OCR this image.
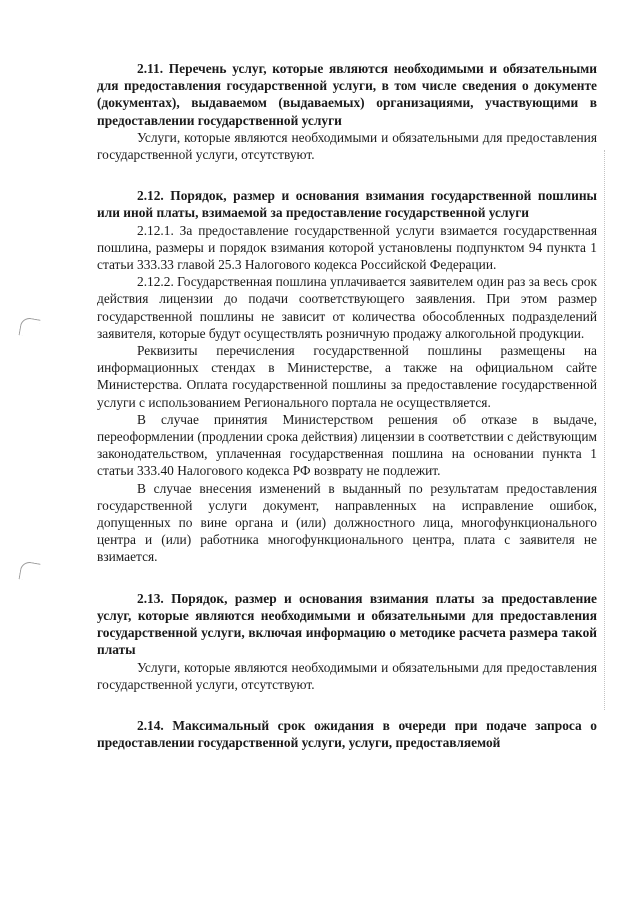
2.11. Перечень услуг, которые являются необходимыми и обязательными для предоставления государственной услуги, в том числе сведения о документе (документах), выдаваемом (выдаваемых) организациями, участвующими в предоставлении государственной услуги

Услуги, которые являются необходимыми и обязательными для предоставления государственной услуги, отсутствуют.

2.12. Порядок, размер и основания взимания государственной пошлины или иной платы, взимаемой за предоставление государственной услуги

2.12.1. За предоставление государственной услуги взимается государственная пошлина, размеры и порядок взимания которой установлены подпунктом 94 пункта 1 статьи 333.33 главой 25.3 Налогового кодекса Российской Федерации.

2.12.2. Государственная пошлина уплачивается заявителем один раз за весь срок действия лицензии до подачи соответствующего заявления. При этом размер государственной пошлины не зависит от количества обособленных подразделений заявителя, которые будут осуществлять розничную продажу алкогольной продукции.

Реквизиты перечисления государственной пошлины размещены на информационных стендах в Министерстве, а также на официальном сайте Министерства. Оплата государственной пошлины за предоставление государственной услуги с использованием Регионального портала не осуществляется.

В случае принятия Министерством решения об отказе в выдаче, переоформлении (продлении срока действия) лицензии в соответствии с действующим законодательством, уплаченная государственная пошлина на основании пункта 1 статьи 333.40 Налогового кодекса РФ возврату не подлежит.

В случае внесения изменений в выданный по результатам предоставления государственной услуги документ, направленных на исправление ошибок, допущенных по вине органа и (или) должностного лица, многофункционального центра и (или) работника многофункционального центра, плата с заявителя не взимается.

2.13. Порядок, размер и основания взимания платы за предоставление услуг, которые являются необходимыми и обязательными для предоставления государственной услуги, включая информацию о методике расчета размера такой платы

Услуги, которые являются необходимыми и обязательными для предоставления государственной услуги, отсутствуют.

2.14. Максимальный срок ожидания в очереди при подаче запроса о предоставлении государственной услуги, услуги, предоставляемой
